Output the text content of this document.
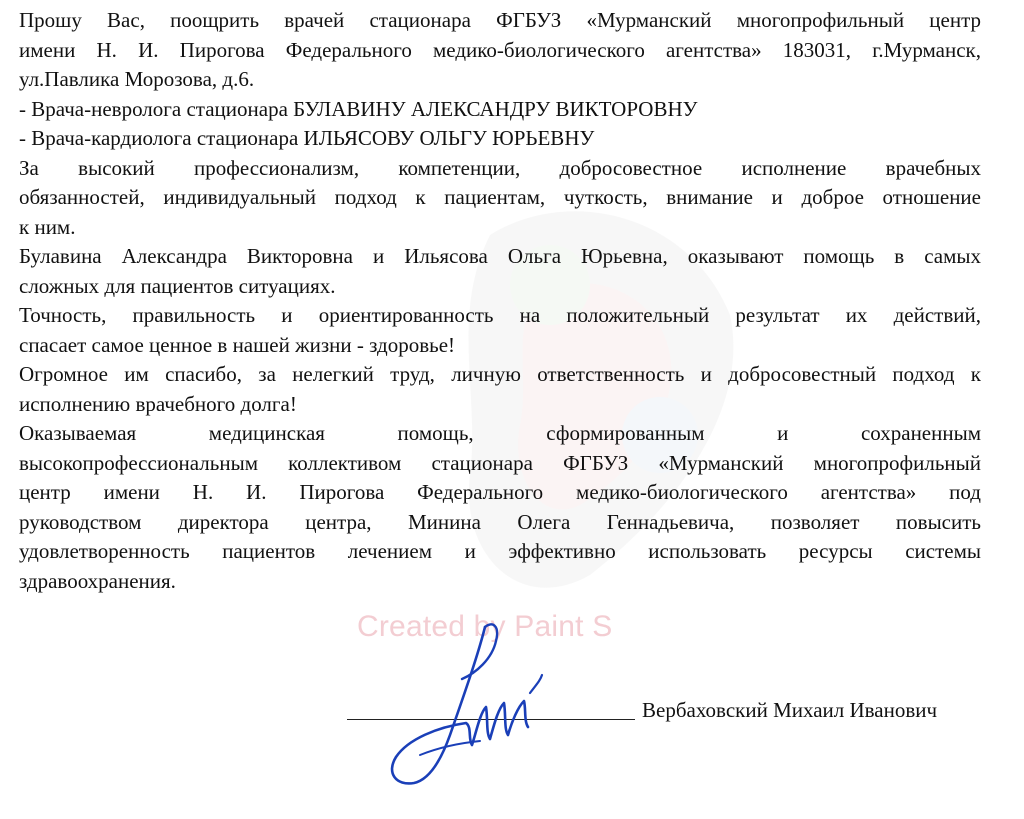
Прошу Вас, поощрить врачей стационара ФГБУЗ «Мурманский многопрофильный центр
имени Н. И. Пирогова Федерального медико-биологического агентства» 183031, г.Мурманск,
ул.Павлика Морозова, д.6.

- Врача-невролога стационара БУЛАВИНУ АЛЕКСАНДРУ ВИКТОРОВНУ

- Врача-кардиолога стационара ИЛЬЯСОВУ ОЛЬГУ ЮРЬЕВНУ

За высокий профессионализм, компетенции, добросовестное исполнение врачебных
обязанностей, индивидуальный подход к пациентам, чуткость, внимание и доброе отношение
к ним.

Булавина Александра Викторовна и Ильясова Ольга Юрьевна, оказывают помощь в самых
сложных для пациентов ситуациях.

Точность, правильность и ориентированность на положительный результат их действий,
спасает самое ценное в нашей жизни - здоровье!

Огромное им спасибо, за нелегкий труд, личную ответственность и добросовестный подход к
исполнению врачебного долга!

Оказываемая медицинская помощь, сформированным и сохраненным
высокопрофессиональным коллективом стационара ФГБУЗ «Мурманский многопрофильный
центр имени Н. И. Пирогова Федерального медико-биологического агентства» под
руководством директора центра, Минина Олега Геннадьевича, позволяет повысить
удовлетворенность пациентов лечением и эффективно использовать ресурсы системы
здравоохранения.

Created by Paint S
Вербаховский Михаил Иванович
